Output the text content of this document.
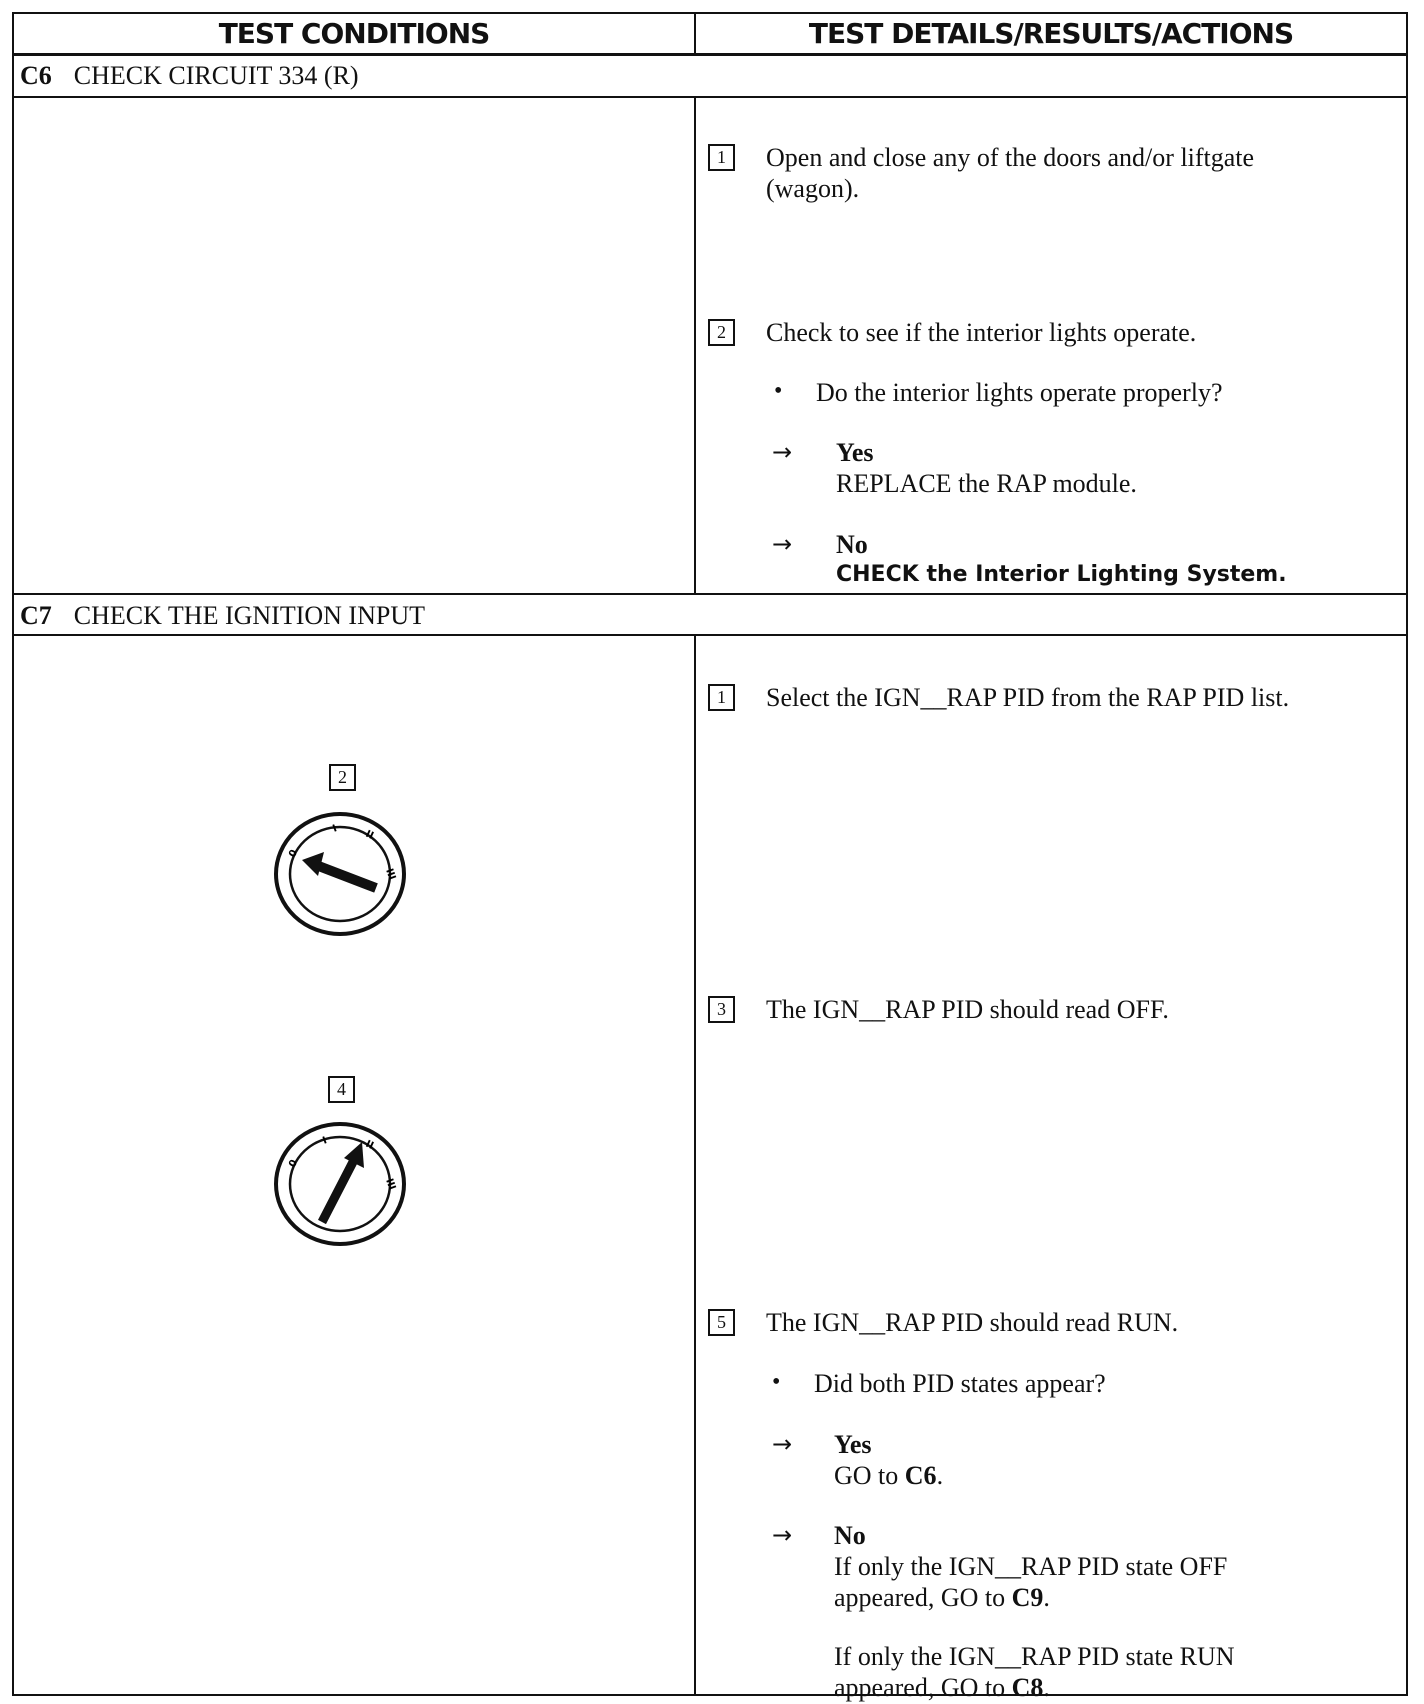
TEST CONDITIONS	TEST DETAILS/RESULTS/ACTIONS
C6 CHECK CIRCUIT 334 (R)
1	Open and close any of the doors and/or liftgate
(wagon).
2	Check to see if the interior lights operate.
• Do the interior lights operate properly?
→ Yes
REPLACE the RAP module.
→ No
CHECK the Interior Lighting System.
C7 CHECK THE IGNITION INPUT
2
0
I	II
III
4
0
I	II
III
1	Select the IGN__RAP PID from the RAP PID list.
3	The IGN__RAP PID should read OFF.
5	The IGN__RAP PID should read RUN.
• Did both PID states appear?
→ Yes
GO to C6.
→ No
If only the IGN__RAP PID state OFF
appeared, GO to C9.
If only the IGN__RAP PID state RUN
appeared, GO to C8.
